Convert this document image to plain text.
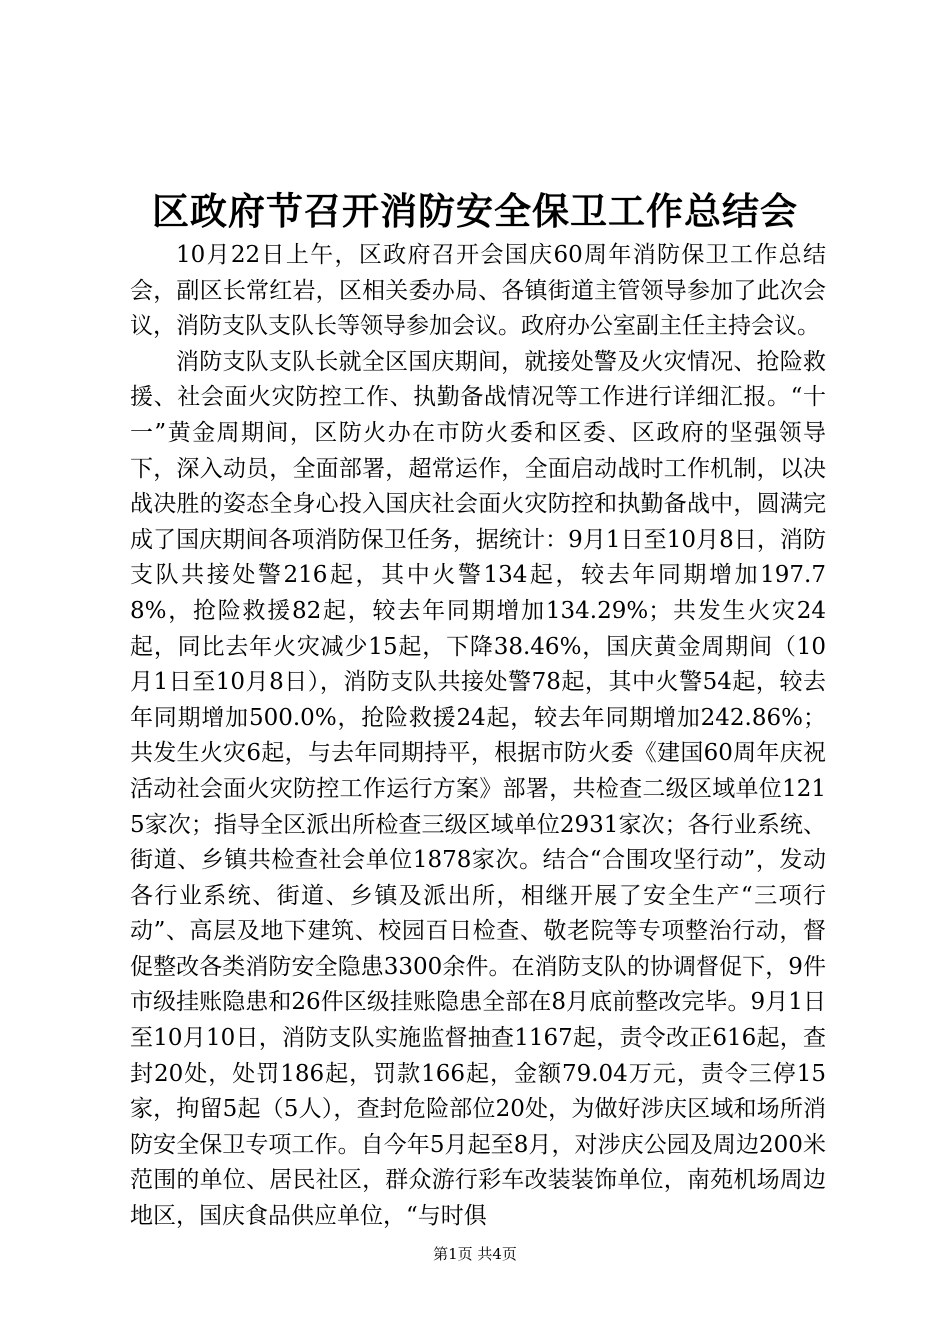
区政府节召开消防安全保卫工作总结会

10月22日上午，区政府召开会国庆60周年消防保卫工作总结会，副区长常红岩，区相关委办局、各镇街道主管领导参加了此次会议，消防支队支队长等领导参加会议。政府办公室副主任主持会议。

消防支队支队长就全区国庆期间，就接处警及火灾情况、抢险救援、社会面火灾防控工作、执勤备战情况等工作进行详细汇报。“十一”黄金周期间，区防火办在市防火委和区委、区政府的坚强领导下，深入动员，全面部署，超常运作，全面启动战时工作机制，以决战决胜的姿态全身心投入国庆社会面火灾防控和执勤备战中，圆满完成了国庆期间各项消防保卫任务，据统计：9月1日至10月8日，消防支队共接处警216起，其中火警134起，较去年同期增加197.78%，抢险救援82起，较去年同期增加134.29%；共发生火灾24起，同比去年火灾减少15起，下降38.46%，国庆黄金周期间（10月1日至10月8日），消防支队共接处警78起，其中火警54起，较去年同期增加500.0%，抢险救援24起，较去年同期增加242.86%；共发生火灾6起，与去年同期持平，根据市防火委《建国60周年庆祝活动社会面火灾防控工作运行方案》部署，共检查二级区域单位1215家次；指导全区派出所检查三级区域单位2931家次；各行业系统、街道、乡镇共检查社会单位1878家次。结合“合围攻坚行动”，发动各行业系统、街道、乡镇及派出所，相继开展了安全生产“三项行动”、高层及地下建筑、校园百日检查、敬老院等专项整治行动，督促整改各类消防安全隐患3300余件。在消防支队的协调督促下，9件市级挂账隐患和26件区级挂账隐患全部在8月底前整改完毕。9月1日至10月10日，消防支队实施监督抽查1167起，责令改正616起，查封20处，处罚186起，罚款166起，金额79.04万元，责令三停15家，拘留5起（5人），查封危险部位20处，为做好涉庆区域和场所消防安全保卫专项工作。自今年5月起至8月，对涉庆公园及周边200米范围的单位、居民社区，群众游行彩车改装装饰单位，南苑机场周边地区，国庆食品供应单位，“与时俱

第1页 共4页
